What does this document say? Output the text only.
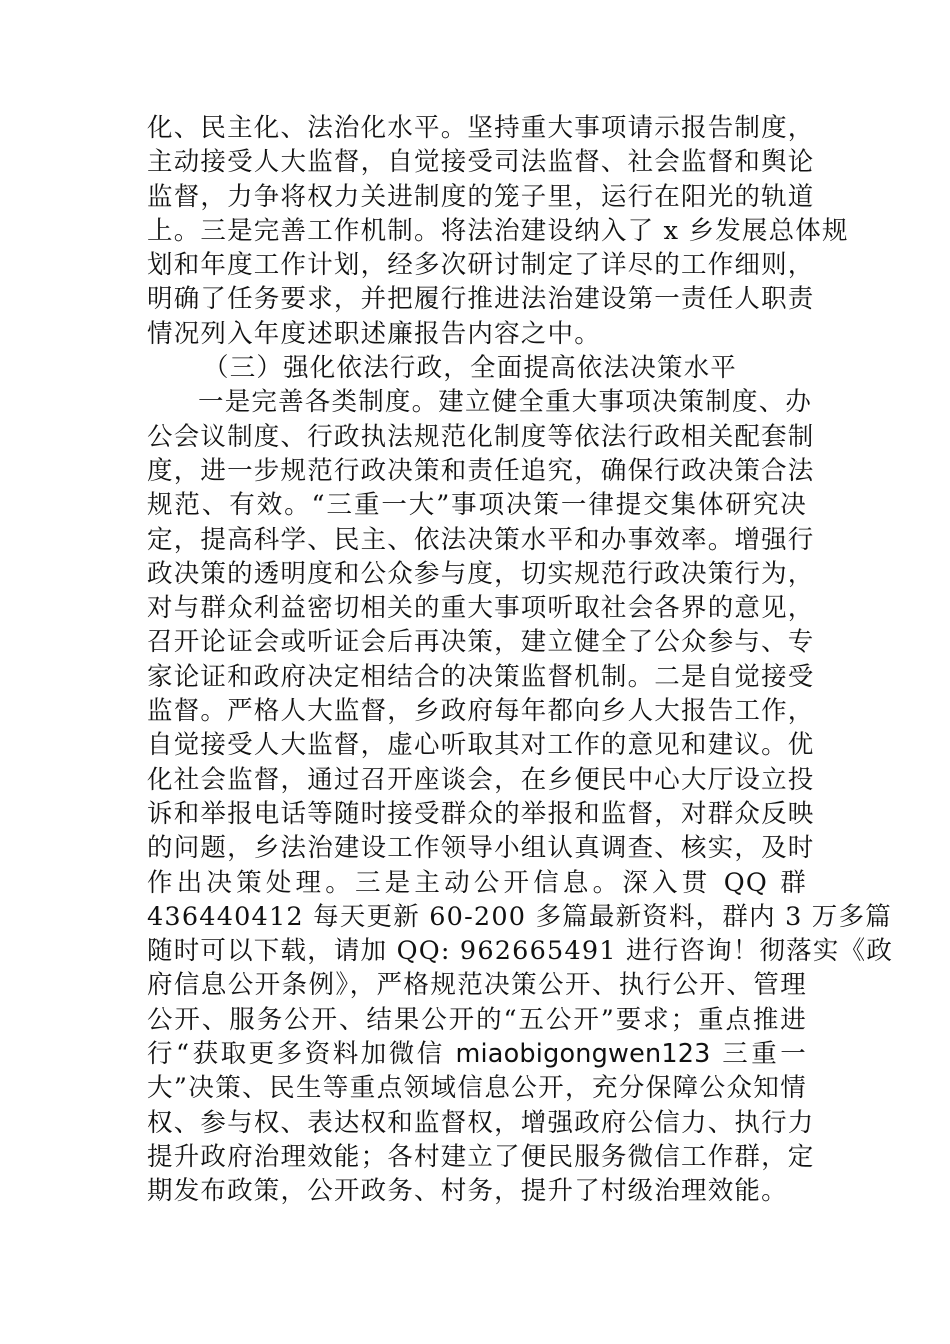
化、民主化、法治化水平。坚持重大事项请示报告制度，
主动接受人大监督，自觉接受司法监督、社会监督和舆论
监督，力争将权力关进制度的笼子里，运行在阳光的轨道
上。三是完善工作机制。将法治建设纳入了 x 乡发展总体规
划和年度工作计划，经多次研讨制定了详尽的工作细则，
明确了任务要求，并把履行推进法治建设第一责任人职责
情况列入年度述职述廉报告内容之中。
（三）强化依法行政，全面提高依法决策水平
一是完善各类制度。建立健全重大事项决策制度、办
公会议制度、行政执法规范化制度等依法行政相关配套制
度，进一步规范行政决策和责任追究，确保行政决策合法
规范、有效。“三重一大”事项决策一律提交集体研究决
定，提高科学、民主、依法决策水平和办事效率。增强行
政决策的透明度和公众参与度，切实规范行政决策行为，
对与群众利益密切相关的重大事项听取社会各界的意见，
召开论证会或听证会后再决策，建立健全了公众参与、专
家论证和政府决定相结合的决策监督机制。二是自觉接受
监督。严格人大监督，乡政府每年都向乡人大报告工作，
自觉接受人大监督，虚心听取其对工作的意见和建议。优
化社会监督，通过召开座谈会，在乡便民中心大厅设立投
诉和举报电话等随时接受群众的举报和监督，对群众反映
的问题，乡法治建设工作领导小组认真调查、核实，及时
作出决策处理。三是主动公开信息。深入贯 QQ 群
436440412 每天更新 60-200 多篇最新资料，群内 3 万多篇
随时可以下载，请加 QQ: 962665491 进行咨询！彻落实《政
府信息公开条例》，严格规范决策公开、执行公开、管理
公开、服务公开、结果公开的“五公开”要求；重点推进
行“获取更多资料加微信 miaobigongwen123 三重一
大”决策、民生等重点领域信息公开，充分保障公众知情
权、参与权、表达权和监督权，增强政府公信力、执行力
提升政府治理效能；各村建立了便民服务微信工作群，定
期发布政策，公开政务、村务，提升了村级治理效能。
